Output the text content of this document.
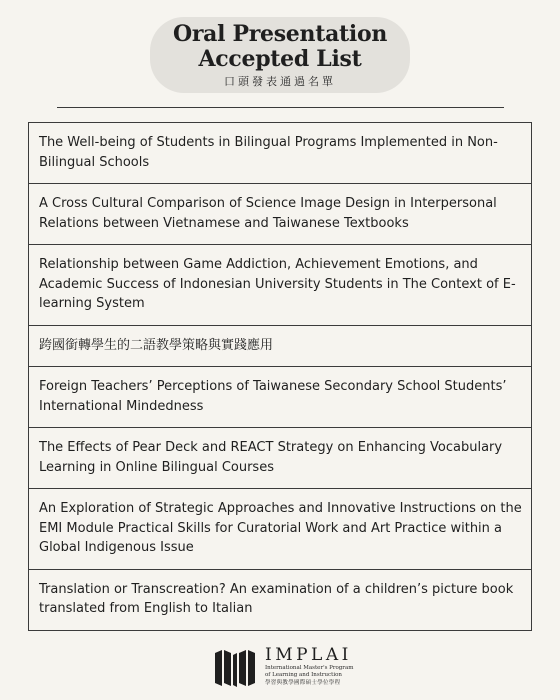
Oral Presentation
Accepted List
口頭發表通過名單
The Well-being of Students in Bilingual Programs Implemented in Non-Bilingual Schools
A Cross Cultural Comparison of Science Image Design in Interpersonal Relations between Vietnamese and Taiwanese Textbooks
Relationship between Game Addiction, Achievement Emotions, and Academic Success of Indonesian University Students in The Context of E-learning System
跨國銜轉學生的二語教學策略與實踐應用
Foreign Teachers’ Perceptions of Taiwanese Secondary School Students’ International Mindedness
The Effects of Pear Deck and REACT Strategy on Enhancing Vocabulary Learning in Online Bilingual Courses
An Exploration of Strategic Approaches and Innovative Instructions on the EMI Module Practical Skills for Curatorial Work and Art Practice within a Global Indigenous Issue
Translation or Transcreation? An examination of a children’s picture book translated from English to Italian
IMPLAI
International Master's Program
of Learning and Instruction
學習與教學國際碩士學位學程
